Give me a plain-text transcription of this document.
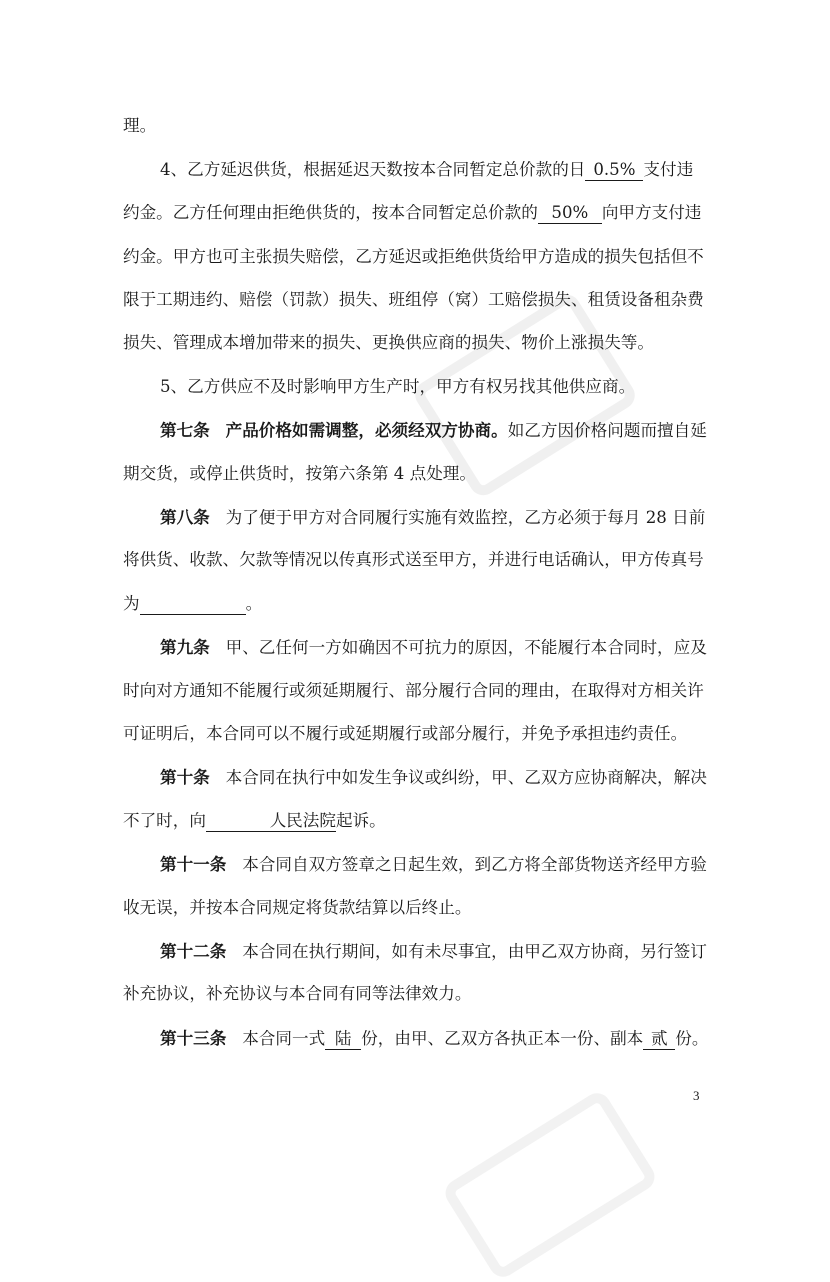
理。

4、乙方延迟供货，根据延迟天数按本合同暂定总价款的日 0.5% 支付违

约金。乙方任何理由拒绝供货的，按本合同暂定总价款的 50% 向甲方支付违

约金。甲方也可主张损失赔偿，乙方延迟或拒绝供货给甲方造成的损失包括但不

限于工期违约、赔偿（罚款）损失、班组停（窝）工赔偿损失、租赁设备租杂费

损失、管理成本增加带来的损失、更换供应商的损失、物价上涨损失等。

5、乙方供应不及时影响甲方生产时，甲方有权另找其他供应商。

第七条 产品价格如需调整，必须经双方协商。如乙方因价格问题而擅自延

期交货，或停止供货时，按第六条第 4 点处理。

第八条 为了便于甲方对合同履行实施有效监控，乙方必须于每月 28 日前

将供货、收款、欠款等情况以传真形式送至甲方，并进行电话确认，甲方传真号

为	。

第九条 甲、乙任何一方如确因不可抗力的原因，不能履行本合同时，应及

时向对方通知不能履行或须延期履行、部分履行合同的理由，在取得对方相关许

可证明后，本合同可以不履行或延期履行或部分履行，并免予承担违约责任。

第十条 本合同在执行中如发生争议或纠纷，甲、乙双方应协商解决，解决

不了时，向	人民法院起诉。

第十一条 本合同自双方签章之日起生效，到乙方将全部货物送齐经甲方验

收无误，并按本合同规定将货款结算以后终止。

第十二条 本合同在执行期间，如有未尽事宜，由甲乙双方协商，另行签订

补充协议，补充协议与本合同有同等法律效力。

第十三条 本合同一式 陆 份，由甲、乙双方各执正本一份、副本 贰 份。

3
